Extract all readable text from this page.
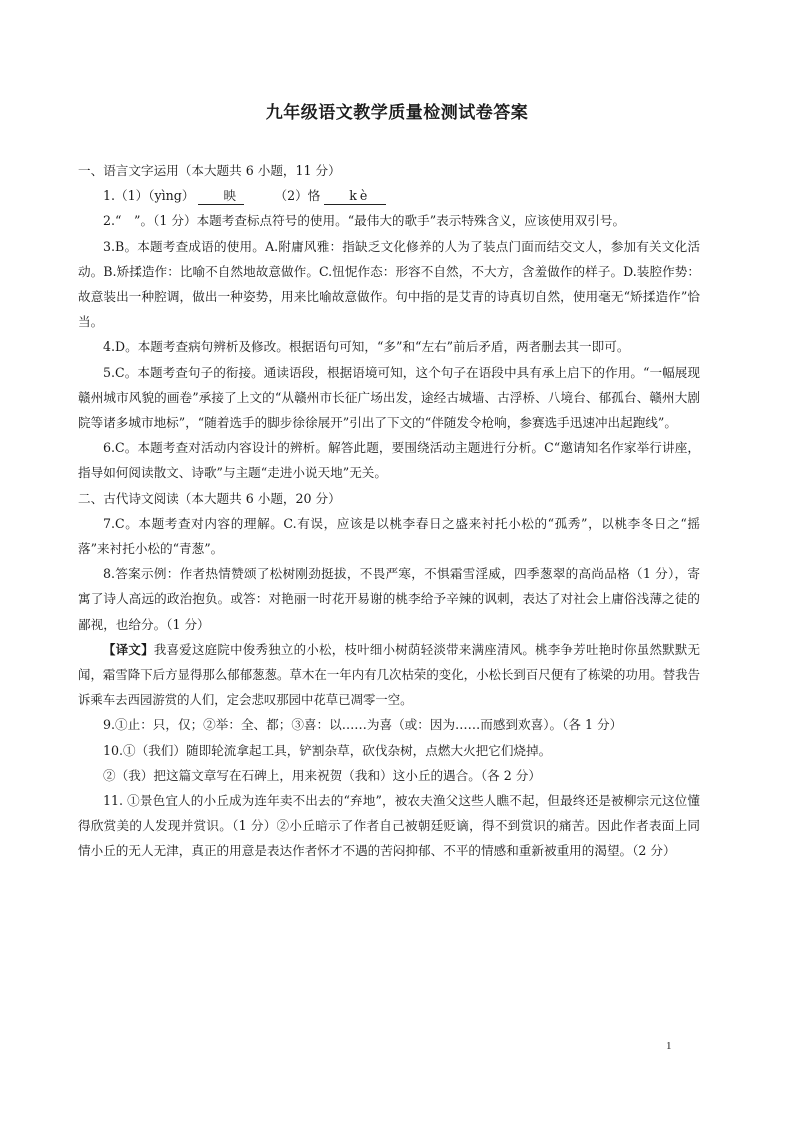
九年级语文教学质量检测试卷答案

一、语言文字运用（本大题共 6 小题，11 分）

1.（1）（yìng） 映	（2）恪 kè

2.“　”。（1 分）本题考查标点符号的使用。“最伟大的歌手”表示特殊含义，应该使用双引号。

3.B。本题考查成语的使用。A.附庸风雅：指缺乏文化修养的人为了装点门面而结交文人，参加有关文化活动。B.矫揉造作：比喻不自然地故意做作。C.忸怩作态：形容不自然，不大方，含羞做作的样子。D.装腔作势：故意装出一种腔调，做出一种姿势，用来比喻故意做作。句中指的是艾青的诗真切自然，使用毫无“矫揉造作”恰当。

4.D。本题考查病句辨析及修改。根据语句可知，“多”和“左右”前后矛盾，两者删去其一即可。

5.C。本题考查句子的衔接。通读语段，根据语境可知，这个句子在语段中具有承上启下的作用。“一幅展现赣州城市风貌的画卷”承接了上文的“从赣州市长征广场出发，途经古城墙、古浮桥、八境台、郁孤台、赣州大剧院等诸多城市地标”，“随着选手的脚步徐徐展开”引出了下文的“伴随发令枪响，参赛选手迅速冲出起跑线”。

6.C。本题考查对活动内容设计的辨析。解答此题，要围绕活动主题进行分析。C“邀请知名作家举行讲座，指导如何阅读散文、诗歌”与主题“走进小说天地”无关。

二、古代诗文阅读（本大题共 6 小题，20 分）

7.C。本题考查对内容的理解。C.有误，应该是以桃李春日之盛来衬托小松的“孤秀”，以桃李冬日之“摇落”来衬托小松的“青葱”。

8.答案示例：作者热情赞颂了松树刚劲挺拔，不畏严寒，不惧霜雪淫威，四季葱翠的高尚品格（1 分），寄寓了诗人高远的政治抱负。或答：对艳丽一时花开易谢的桃李给予辛辣的讽刺，表达了对社会上庸俗浅薄之徒的鄙视，也给分。（1 分）

【译文】我喜爱这庭院中俊秀独立的小松，枝叶细小树荫轻淡带来满座清风。桃李争芳吐艳时你虽然默默无闻，霜雪降下后方显得那么郁郁葱葱。草木在一年内有几次枯荣的变化，小松长到百尺便有了栋梁的功用。替我告诉乘车去西园游赏的人们，定会悲叹那园中花草已凋零一空。

9.①止：只，仅；②举：全、都；③喜：以……为喜（或：因为……而感到欢喜）。（各 1 分）

10.①（我们）随即轮流拿起工具，铲割杂草，砍伐杂树，点燃大火把它们烧掉。

②（我）把这篇文章写在石碑上，用来祝贺（我和）这小丘的遇合。（各 2 分）

11. ①景色宜人的小丘成为连年卖不出去的“弃地”，被农夫渔父这些人瞧不起，但最终还是被柳宗元这位懂得欣赏美的人发现并赏识。（1 分）②小丘暗示了作者自己被朝廷贬谪，得不到赏识的痛苦。因此作者表面上同情小丘的无人无津，真正的用意是表达作者怀才不遇的苦闷抑郁、不平的情感和重新被重用的渴望。（2 分）

1
